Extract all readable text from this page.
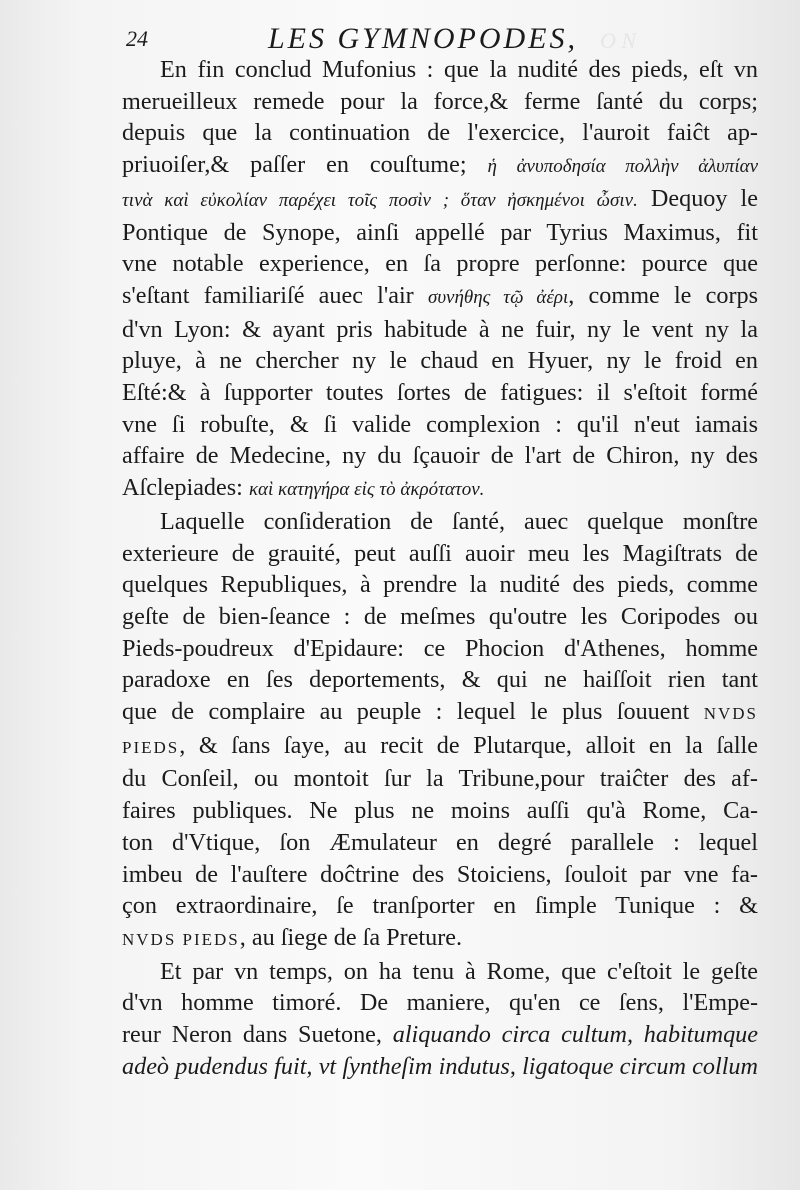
O N
24	LES GYMNOPODES,
En fin conclud Mufonius : que la nudité des pieds, eſt vn
merueilleux remede pour la force,& ferme ſanté du corps;
depuis que la continuation de l'exercice, l'auroit faiĉt ap-
priuoiſer,& paſſer en couſtume; ἡ ἀνυποδησία πολλὴν ἀλυπίαν
τινὰ καὶ εὐκολίαν παρέχει τοῖς ποσὶν ; ὅταν ἠσκημένοι ὦσιν. Dequoy le
Pontique de Synope, ainſi appellé par Tyrius Maximus, fit
vne notable experience, en ſa propre perſonne: pource que
s'eſtant familiariſé auec l'air συνήθης τῷ ἀέρι, comme le corps
d'vn Lyon: & ayant pris habitude à ne fuir, ny le vent ny la
pluye, à ne chercher ny le chaud en Hyuer, ny le froid en
Eſté:& à ſupporter toutes ſortes de fatigues: il s'eſtoit formé
vne ſi robuſte, & ſi valide complexion : qu'il n'eut iamais
affaire de Medecine, ny du ſçauoir de l'art de Chiron, ny des
Aſclepiades: καὶ κατηγήρα εἰς τὸ ἀκρότατον.
Laquelle conſideration de ſanté, auec quelque monſtre
exterieure de grauité, peut auſſi auoir meu les Magiſtrats de
quelques Republiques, à prendre la nudité des pieds, comme
geſte de bien-ſeance : de meſmes qu'outre les Coripodes ou
Pieds-poudreux d'Epidaure: ce Phocion d'Athenes, homme
paradoxe en ſes deportements, & qui ne haiſſoit rien tant
que de complaire au peuple : lequel le plus ſouuent NVDS
PIEDS, & ſans ſaye, au recit de Plutarque, alloit en la ſalle
du Conſeil, ou montoit ſur la Tribune,pour traiĉter des af-
faires publiques. Ne plus ne moins auſſi qu'à Rome, Ca-
ton d'Vtique, ſon Æmulateur en degré parallele : lequel
imbeu de l'auſtere doĉtrine des Stoiciens, ſouloit par vne fa-
çon extraordinaire, ſe tranſporter en ſimple Tunique : &
NVDS PIEDS, au ſiege de ſa Preture.
Et par vn temps, on ha tenu à Rome, que c'eſtoit le geſte
d'vn homme timoré. De maniere, qu'en ce ſens, l'Empe-
reur Neron dans Suetone, aliquando circa cultum, habitumque
adeò pudendus fuit, vt ſyntheſim indutus, ligatoque circum collum
